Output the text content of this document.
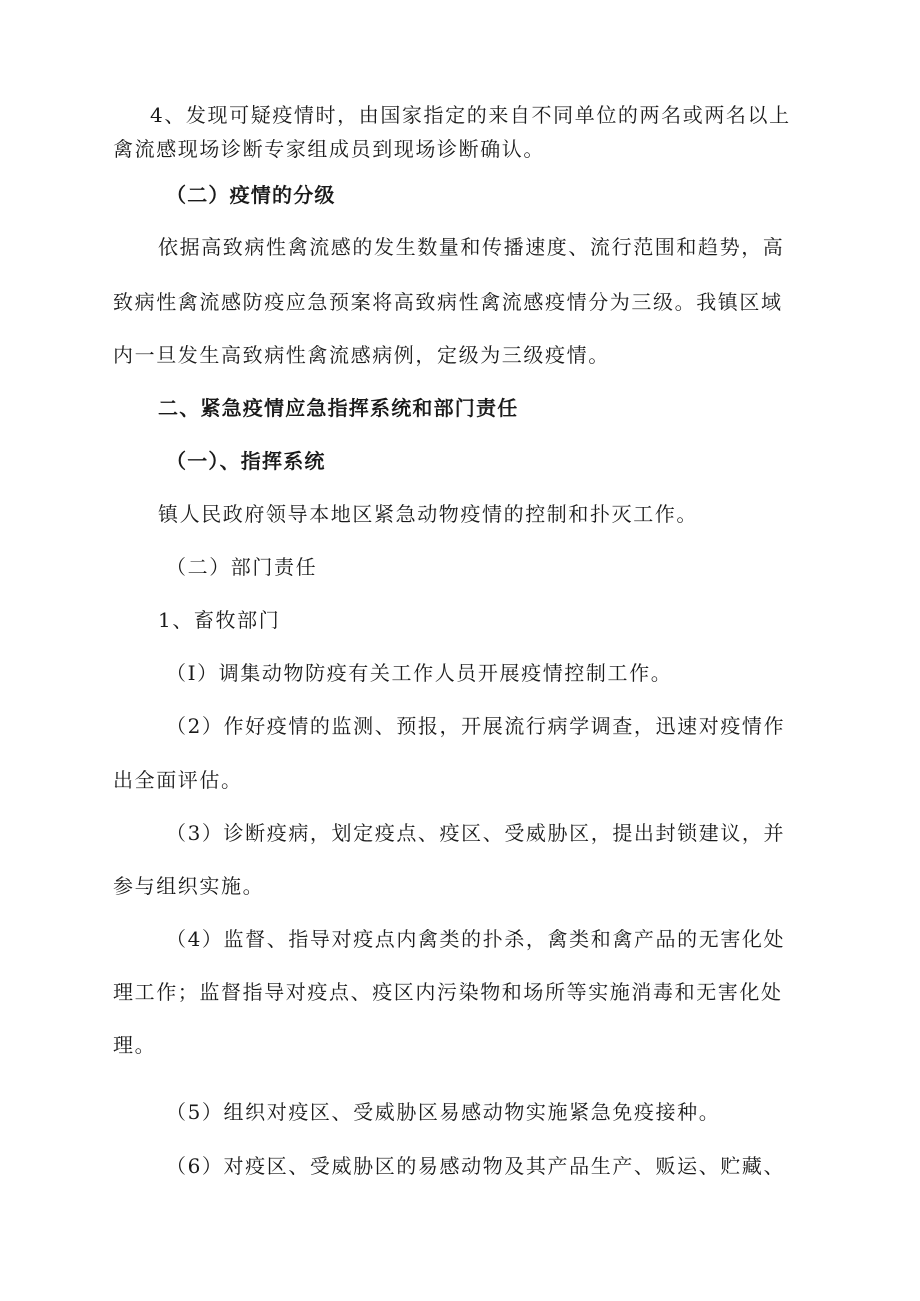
4、发现可疑疫情时，由国家指定的来自不同单位的两名或两名以上
禽流感现场诊断专家组成员到现场诊断确认。
（二）疫情的分级
依据高致病性禽流感的发生数量和传播速度、流行范围和趋势，高
致病性禽流感防疫应急预案将高致病性禽流感疫情分为三级。我镇区域
内一旦发生高致病性禽流感病例，定级为三级疫情。
二、紧急疫情应急指挥系统和部门责任
（一）、指挥系统
镇人民政府领导本地区紧急动物疫情的控制和扑灭工作。
（二）部门责任
1、畜牧部门
（I）调集动物防疫有关工作人员开展疫情控制工作。
（2）作好疫情的监测、预报，开展流行病学调查，迅速对疫情作
出全面评估。
（3）诊断疫病，划定疫点、疫区、受威胁区，提出封锁建议，并
参与组织实施。
（4）监督、指导对疫点内禽类的扑杀，禽类和禽产品的无害化处
理工作；监督指导对疫点、疫区内污染物和场所等实施消毒和无害化处
理。
（5）组织对疫区、受威胁区易感动物实施紧急免疫接种。
（6）对疫区、受威胁区的易感动物及其产品生产、贩运、贮藏、
